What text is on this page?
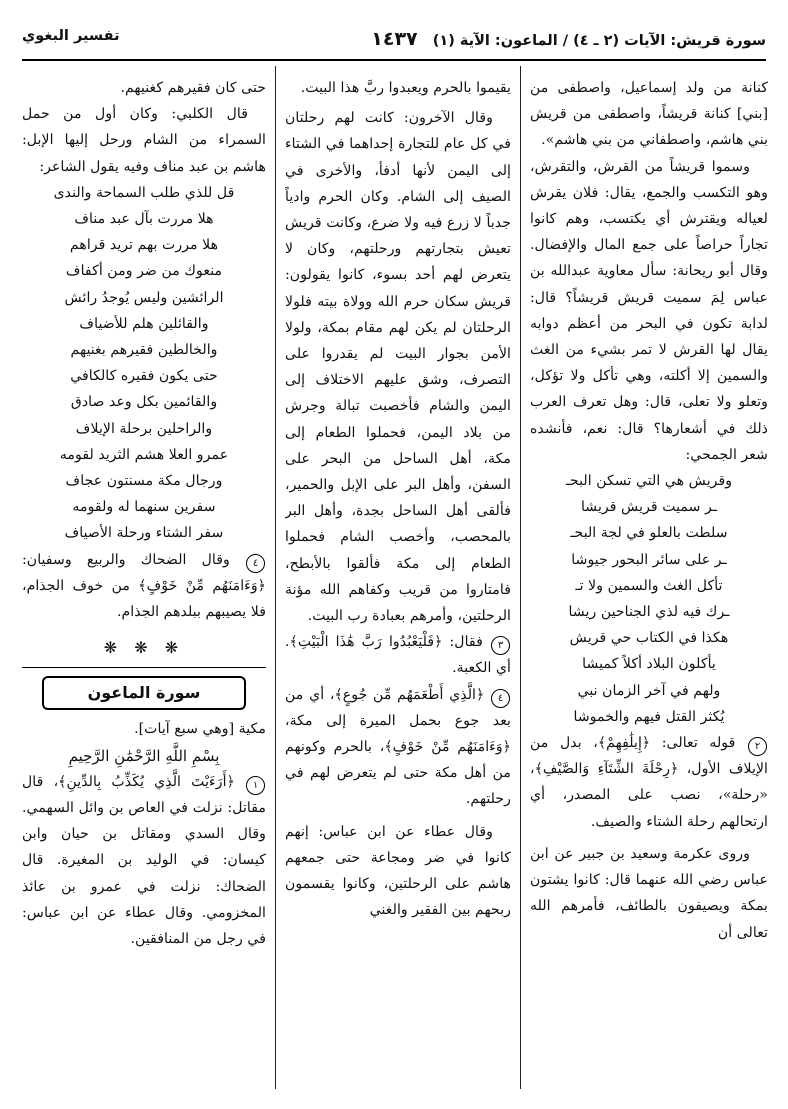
سورة قريش: الآيات (٢ ـ ٤) / الماعون: الآية (١) ١٤٣٧
تفسير البغوي

كنانة من ولد إسماعيل، واصطفى من [بني] كنانة قريشاً، واصطفى من قريش بني هاشم، واصطفاني من بني هاشم».

وسموا قريشاً من القرش، والتقرش، وهو التكسب والجمع، يقال: فلان يقرش لعياله ويقترش أي يكتسب، وهم كانوا تجاراً حراصاً على جمع المال والإفضال. وقال أبو ريحانة: سأل معاوية عبدالله بن عباس لِمَ سميت قريش قريشاً؟ قال: لدابة تكون في البحر من أعظم دوابه يقال لها القرش لا تمر بشيء من الغث والسمين إلا أكلته، وهي تأكل ولا تؤكل، وتعلو ولا تعلى، قال: وهل تعرف العرب ذلك في أشعارها؟ قال: نعم، فأنشده شعر الجمحي:

وقريش هي التي تسكن البحـ

ـر سميت قريش قريشا

سلطت بالعلو في لجة البحـ

ـر على سائر البحور جيوشا

تأكل الغث والسمين ولا تـ

ـرك فيه لذي الجناحين ريشا

هكذا في الكتاب حي قريش

يأكلون البلاد أكلاً كميشا

ولهم في آخر الزمان نبي

يُكثر القتل فيهم والخموشا

٢ قوله تعالى: ﴿إِيلَٰفِهِمْ﴾، بدل من الإيلاف الأول، ﴿رِحْلَةَ الشِّتَآءِ وَالصَّيْفِ﴾، «رحلة»، نصب على المصدر، أي ارتحالهم رحلة الشتاء والصيف.

وروى عكرمة وسعيد بن جبير عن ابن عباس رضي الله عنهما قال: كانوا يشتون بمكة ويصيفون بالطائف، فأمرهم الله تعالى أن

يقيموا بالحرم ويعبدوا ربَّ هذا البيت.

وقال الآخرون: كانت لهم رحلتان في كل عام للتجارة إحداهما في الشتاء إلى اليمن لأنها أدفأ، والأخرى في الصيف إلى الشام. وكان الحرم وادياً جدباً لا زرع فيه ولا ضرع، وكانت قريش تعيش بتجارتهم ورحلتهم، وكان لا يتعرض لهم أحد بسوء، كانوا يقولون: قريش سكان حرم الله وولاة بيته فلولا الرحلتان لم يكن لهم مقام بمكة، ولولا الأمن بجوار البيت لم يقدروا على التصرف، وشق عليهم الاختلاف إلى اليمن والشام فأخصبت تبالة وجرش من بلاد اليمن، فحملوا الطعام إلى مكة، أهل الساحل من البحر على السفن، وأهل البر على الإبل والحمير، فألقى أهل الساحل بجدة، وأهل البر بالمحصب، وأخصب الشام فحملوا الطعام إلى مكة فألقوا بالأبطح، فامتاروا من قريب وكفاهم الله مؤنة الرحلتين، وأمرهم بعبادة رب البيت.

٣ فقال: ﴿فَلْيَعْبُدُوا رَبَّ هَٰذَا الْبَيْتِ﴾. أي الكعبة.

٤ ﴿الَّذِي أَطْعَمَهُم مِّن جُوعٍ﴾، أي من بعد جوع بحمل الميرة إلى مكة، ﴿وَءَامَنَهُم مِّنْ خَوْفٍ﴾، بالحرم وكونهم من أهل مكة حتى لم يتعرض لهم في رحلتهم.

وقال عطاء عن ابن عباس: إنهم كانوا في ضر ومجاعة حتى جمعهم هاشم على الرحلتين، وكانوا يقسمون ربحهم بين الفقير والغني

حتى كان فقيرهم كغنيهم.

قال الكلبي: وكان أول من حمل السمراء من الشام ورحل إليها الإبل: هاشم بن عبد مناف وفيه يقول الشاعر:

قل للذي طلب السماحة والندى

هلا مررت بآل عبد مناف

هلا مررت بهم تريد قراهم

منعوك من ضر ومن أكفاف

الرائشين وليس يُوجدُ رائش

والقائلين هلم للأضياف

والخالطين فقيرهم بغنيهم

حتى يكون فقيره كالكافي

والقائمين بكل وعد صادق

والراحلين برحلة الإيلاف

عمرو العلا هشم الثريد لقومه

ورجال مكة مسنتون عجاف

سفرين سنهما له ولقومه

سفر الشتاء ورحلة الأصياف

٤ وقال الضحاك والربيع وسفيان: ﴿وَءَامَنَهُم مِّنْ خَوْفٍ﴾ من خوف الجذام، فلا يصيبهم ببلدهم الجذام.

❋ ❋ ❋
سورة الماعون

مكية [وهي سبع آيات].

بِسْمِ اللَّهِ الرَّحْمَٰنِ الرَّحِيمِ

١ ﴿أَرَءَيْتَ الَّذِي يُكَذِّبُ بِالدِّينِ﴾، قال مقاتل: نزلت في العاص بن وائل السهمي. وقال السدي ومقاتل بن حيان وابن كيسان: في الوليد بن المغيرة. قال الضحاك: نزلت في عمرو بن عائذ المخزومي. وقال عطاء عن ابن عباس: في رجل من المنافقين.
